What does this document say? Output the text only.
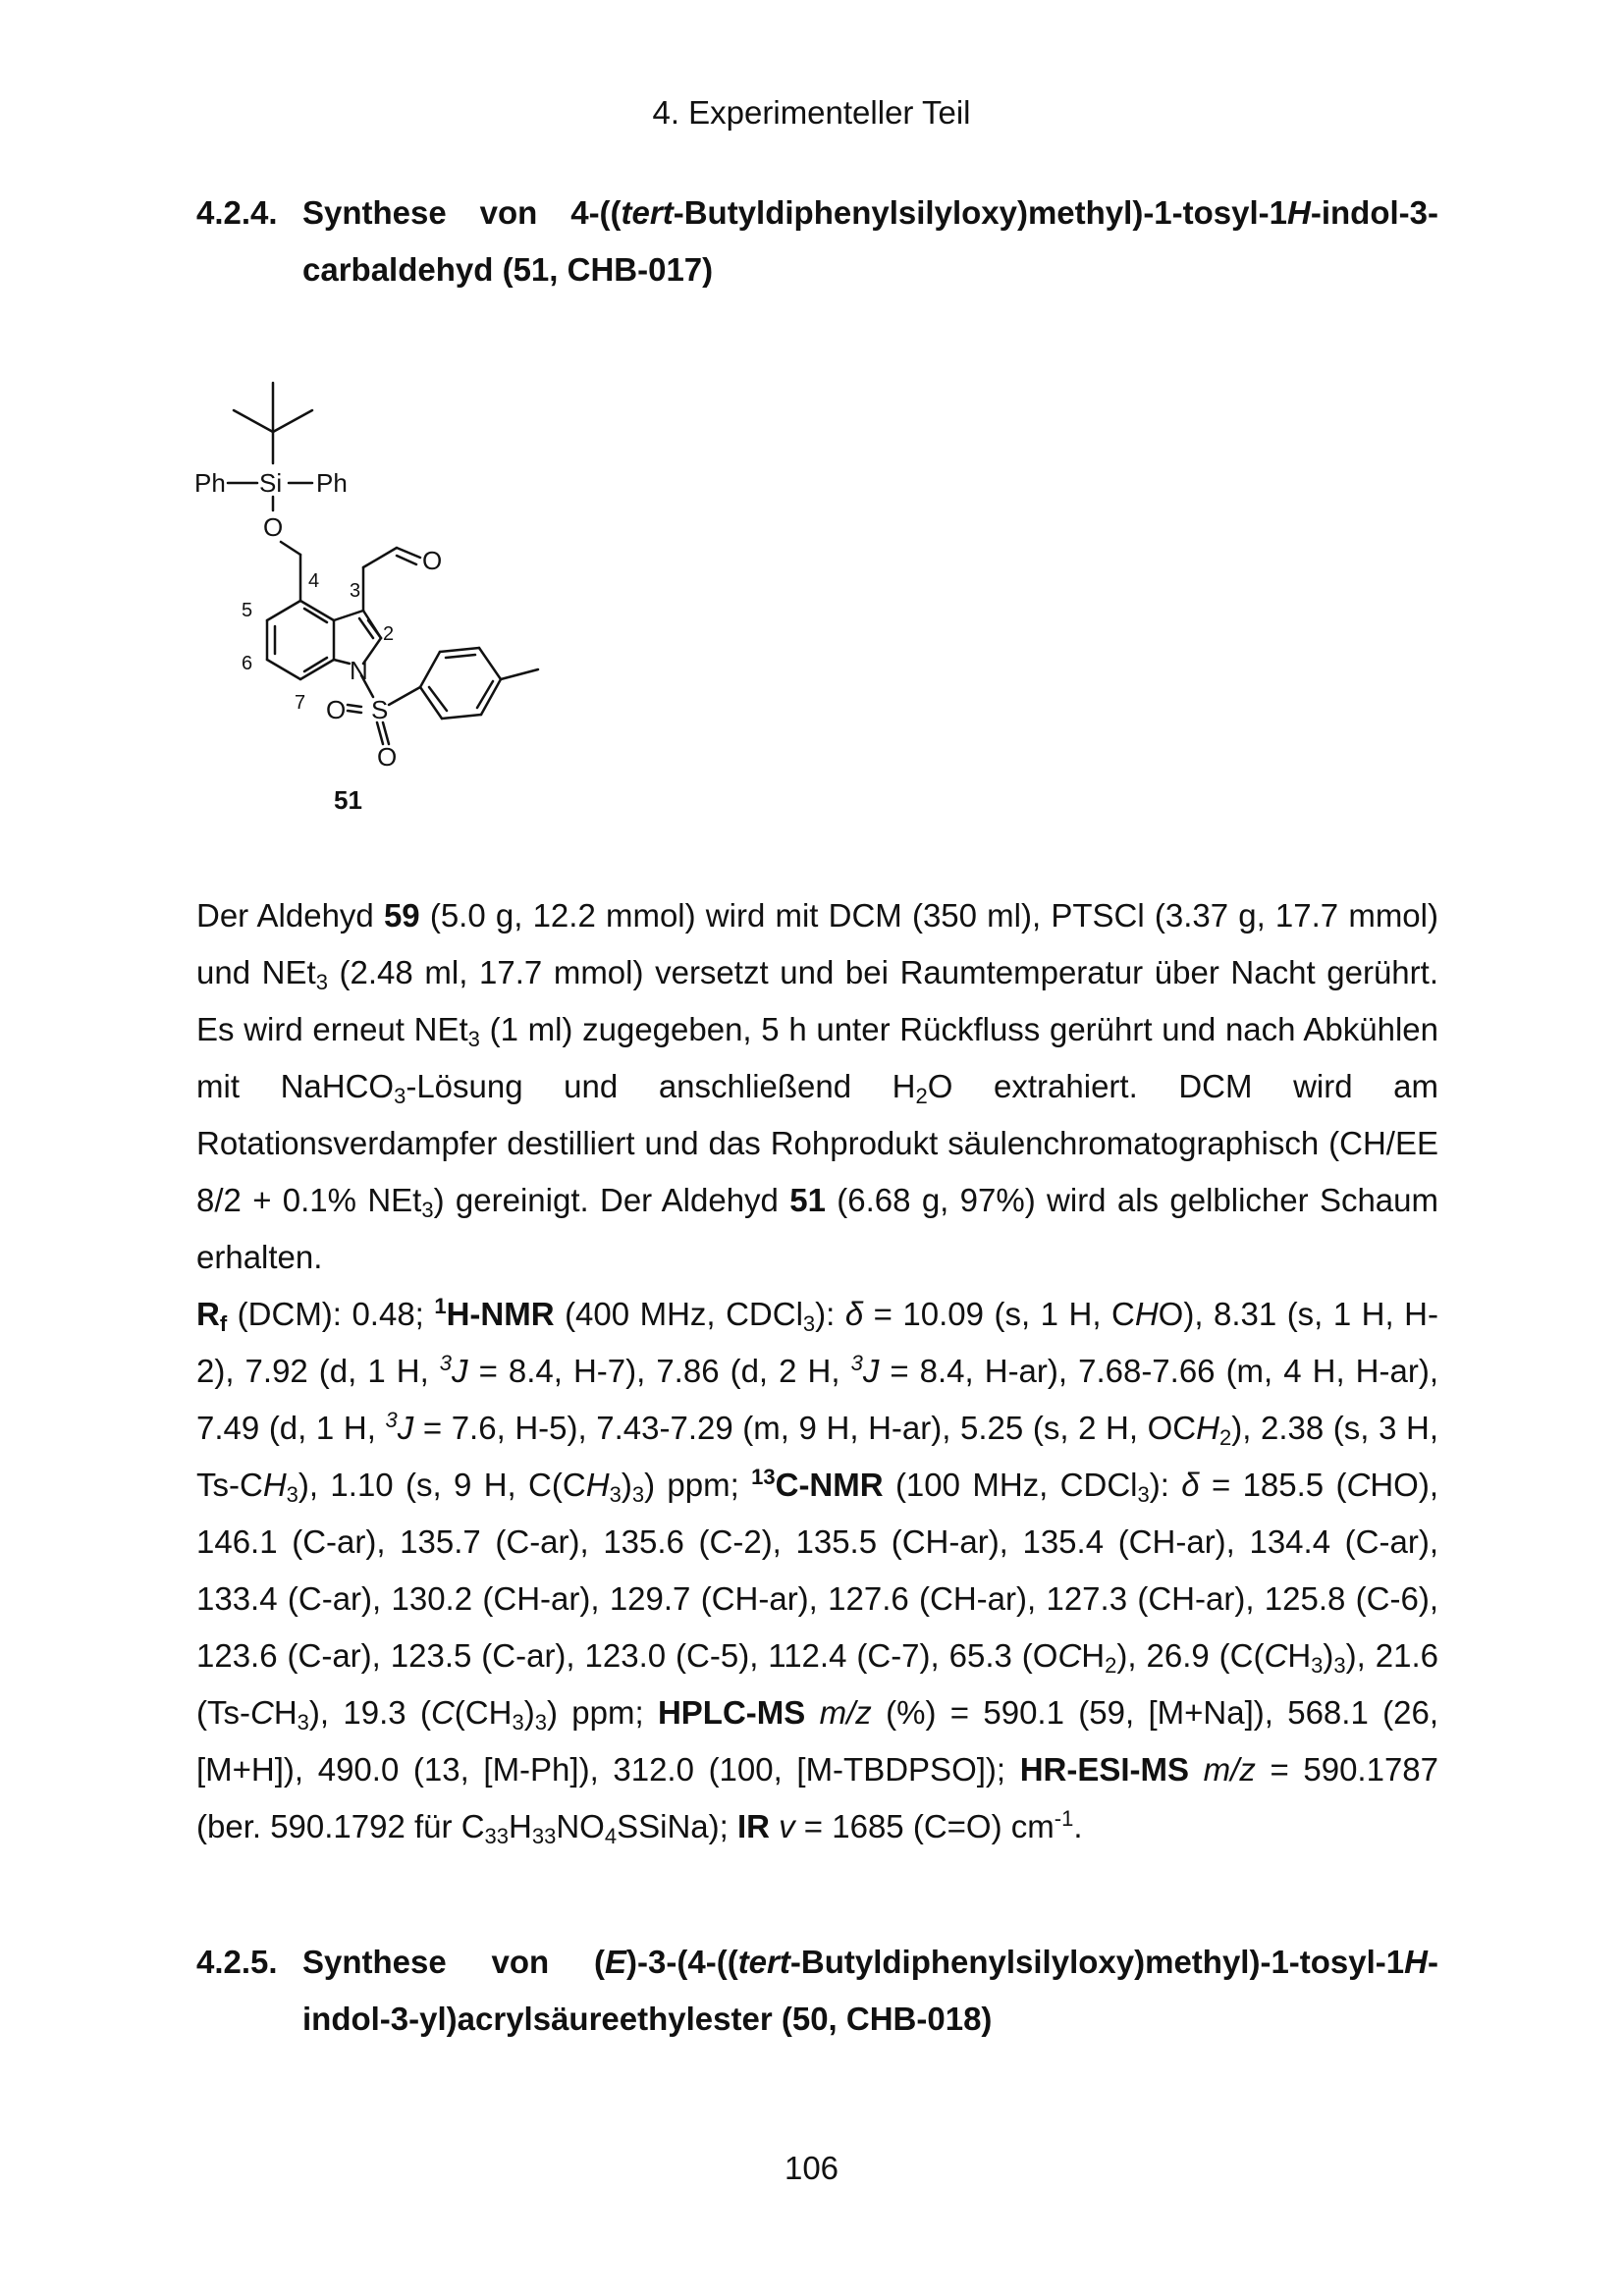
4. Experimenteller Teil
4.2.4. Synthese von 4-((tert-Butyldiphenylsilyloxy)methyl)-1-tosyl-1H-indol-3-carbaldehyd (51, CHB-017)
Ph Si Ph
O
O
N
S
O
O
2
3
4
5
6
7
51
Der Aldehyd 59 (5.0 g, 12.2 mmol) wird mit DCM (350 ml), PTSCl (3.37 g, 17.7 mmol) und NEt$_3$ (2.48 ml, 17.7 mmol) versetzt und bei Raumtemperatur über Nacht gerührt. Es wird erneut NEt$_3$ (1 ml) zugegeben, 5 h unter Rückfluss gerührt und nach Abkühlen mit NaHCO$_3$-Lösung und anschließend $H_2O$ extrahiert. DCM wird am Rotationsverdampfer destilliert und das Rohprodukt säulenchromatographisch (CH/EE 8/2 + 0.1% NEt$_3$) gereinigt. Der Aldehyd 51 (6.68 g, 97%) wird als gelblicher Schaum erhalten.
$R_f$ (DCM): 0.48; $^1$H-NMR (400 MHz, CDCl$_3$): δ = 10.09 (s, 1 H, CHO), 8.31 (s, 1 H, H-2), 7.92 (d, 1 H, $^3$J = 8.4, H-7), 7.86 (d, 2 H, $^3$J = 8.4, H-ar), 7.68-7.66 (m, 4 H, H-ar), 7.49 (d, 1 H, $^3$J = 7.6, H-5), 7.43-7.29 (m, 9 H, H-ar), 5.25 (s, 2 H, $OCH_2$), 2.38 (s, 3 H, $Ts-CH_3$), 1.10 (s, 9 H, $C(CH_3)_3$) ppm; $^{13}$C-NMR (100 MHz, CDCl$_3$): δ = 185.5 (CHO), 146.1 (C-ar), 135.7 (C-ar), 135.6 (C-2), 135.5 (CH-ar), 135.4 (CH-ar), 134.4 (C-ar), 133.4 (C-ar), 130.2 (CH-ar), 129.7 (CH-ar), 127.6 (CH-ar), 127.3 (CH-ar), 125.8 (C-6), 123.6 (C-ar), 123.5 (C-ar), 123.0 (C-5), 112.4 (C-7), 65.3 $(OCH_2)$, 26.9 $(C(CH_3)_3)$, 21.6 $(Ts-CH_3)$, 19.3 $(C(CH_3)_3)$ ppm; HPLC-MS m/z (%) = 590.1 (59, [M+Na]), 568.1 (26, [M+H]), 490.0 (13, [M-Ph]), 312.0 (100, [M-TBDPSO]); HR-ESI-MS m/z = 590.1787 (ber. 590.1792 für $C_{33}H_{33}NO_4SSiNa$); IR v = 1685 (C=O) $cm^{-1}$.
4.2.5. Synthese von (E)-3-(4-((tert-Butyldiphenylsilyloxy)methyl)-1-tosyl-1H-indol-3-yl)acrylsäureethylester (50, CHB-018)
106
